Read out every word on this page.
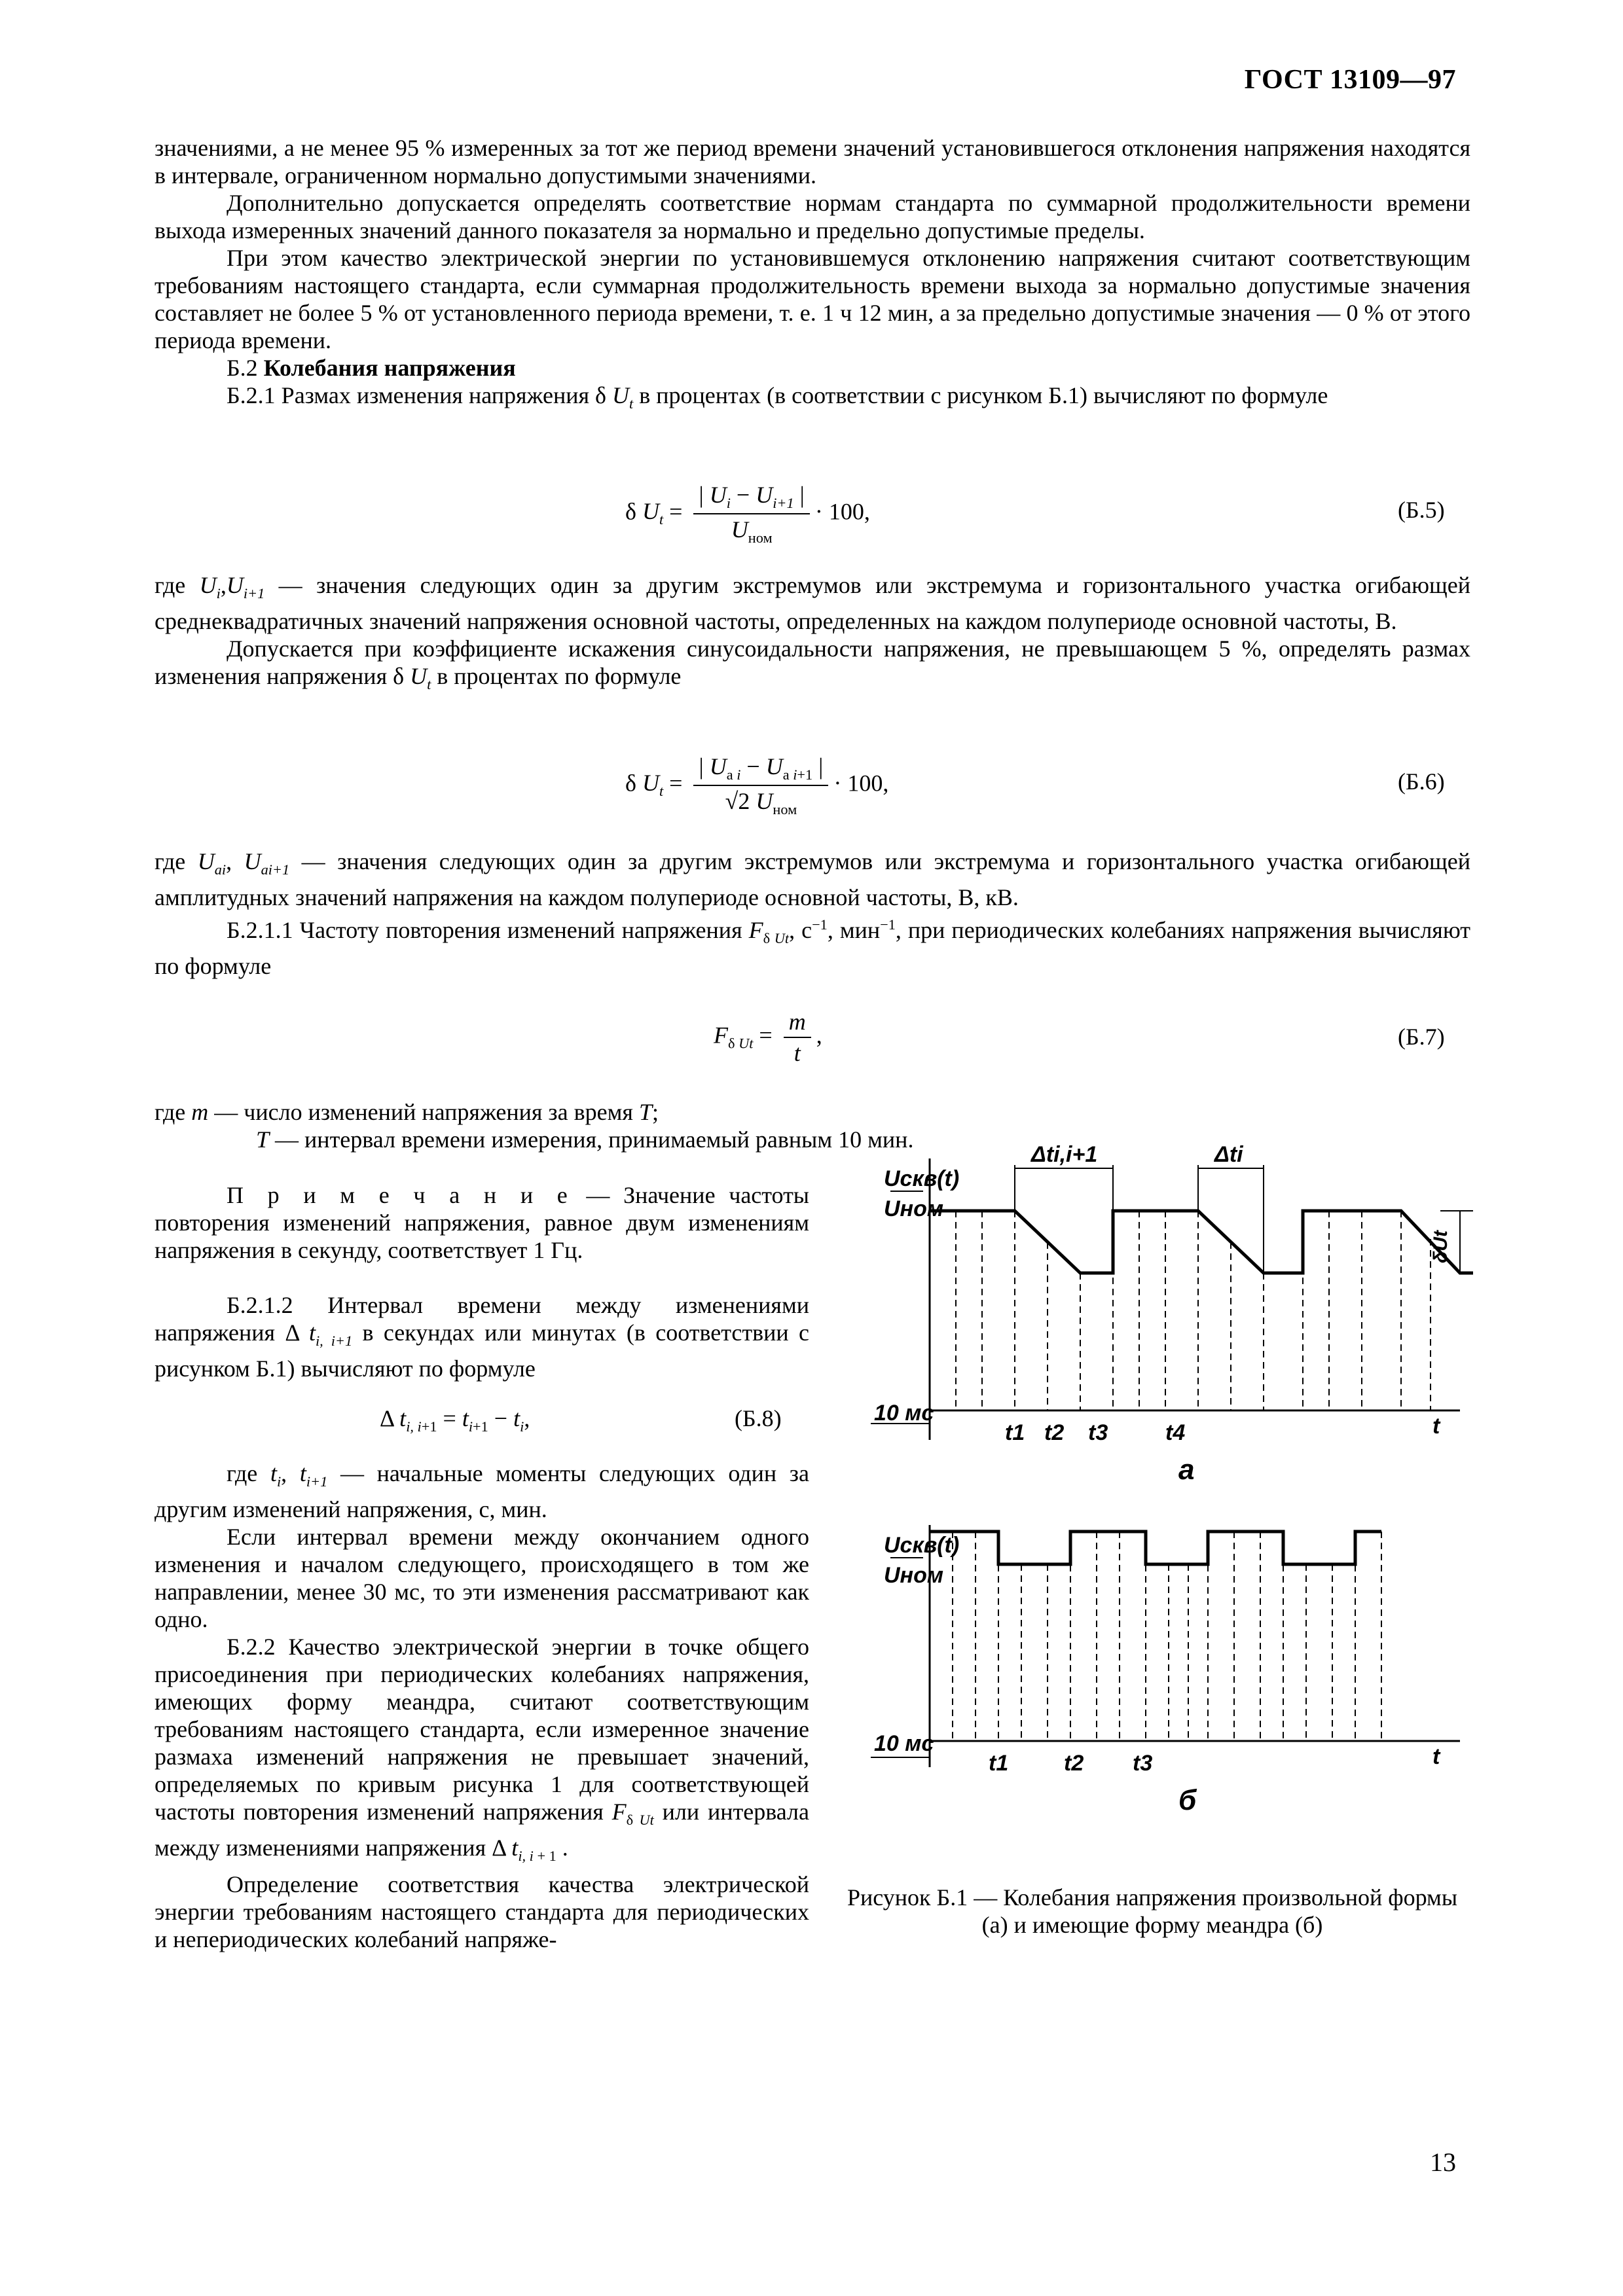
ГОСТ 13109—97

значениями, а не менее 95 % измеренных за тот же период времени значений установившегося отклонения напряжения находятся в интервале, ограниченном нормально допустимыми значениями.

Дополнительно допускается определять соответствие нормам стандарта по суммарной продолжительности времени выхода измеренных значений данного показателя за нормально и предельно допустимые пределы.

При этом качество электрической энергии по установившемуся отклонению напряжения считают соответствующим требованиям настоящего стандарта, если суммарная продолжительность времени выхода за нормально допустимые значения составляет не более 5 % от установленного периода времени, т. е. 1 ч 12 мин, а за предельно допустимые значения — 0 % от этого периода времени.

Б.2 Колебания напряжения

Б.2.1 Размах изменения напряжения δ $U_t$ в процентах (в соответствии с рисунком Б.1) вычисляют по формуле

δ $U_t = \frac{| U_i - U_{i+1} |}{U_{ном}} \cdot 100$,	(Б.5)

где $U_i,U_{i+1}$ — значения следующих один за другим экстремумов или экстремума и горизонтального участка огибающей среднеквадратичных значений напряжения основной частоты, определенных на каждом полупериоде основной частоты, В.

Допускается при коэффициенте искажения синусоидальности напряжения, не превышающем 5 %, определять размах изменения напряжения δ $U_t$ в процентах по формуле

δ $U_t = \frac{| U_{a i} - U_{a i+1} |}{√2 U_{ном}} \cdot 100$,	(Б.6)

где $U_{ai}$, $U_{ai+1}$ — значения следующих один за другим экстремумов или экстремума и горизонтального участка огибающей амплитудных значений напряжения на каждом полупериоде основной частоты, В, кВ.

Б.2.1.1 Частоту повторения изменений напряжения $F_{\delta Ut}$, $с^{-1}$, мин$^{-1}$, при периодических колебаниях напряжения вычисляют по формуле

$F_{\delta Ut} = \frac{m}{t}$ ,	(Б.7)

где m — число изменений напряжения за время T;

T — интервал времени измерения, принимаемый равным 10 мин.

П р и м е ч а н и е — Значение частоты повторения изменений напряжения, равное двум изменениям напряжения в секунду, соответствует 1 Гц.

Б.2.1.2 Интервал времени между изменениями напряжения Δ $t_{i, i+1}$ в секундах или минутах (в соответствии с рисунком Б.1) вычисляют по формуле

Δ $t_{i, i+1} = t_{i+1} - t_i$,	(Б.8)

где $t_i$, $t_{i+1}$ — начальные моменты следующих один за другим изменений напряжения, с, мин.

Если интервал времени между окончанием одного изменения и началом следующего, происходящего в том же направлении, менее 30 мс, то эти изменения рассматривают как одно.

Б.2.2 Качество электрической энергии в точке общего присоединения при периодических колебаниях напряжения, имеющих форму меандра, считают соответствующим требованиям настоящего стандарта, если измеренное значение размаха изменений напряжения не превышает значений, определяемых по кривым рисунка 1 для соответствующей частоты повторения изменений напряжения $F_{\delta Ut}$ или интервала между изменениями напряжения Δ $t_{i, i + 1}$ .

Определение соответствия качества электрической энергии требованиям настоящего стандарта для периодических и непериодических колебаний напряже-

Uскв(t)
Uном
Δti,i+1	Δti
δUt
10 мс
t1 t2 t3	t4	t
а
Uскв(t)
Uном
10 мс
t1 t2 t3	t
б
Рисунок Б.1 — Колебания напряжения произвольной формы (а) и имеющие форму меандра (б)
13
